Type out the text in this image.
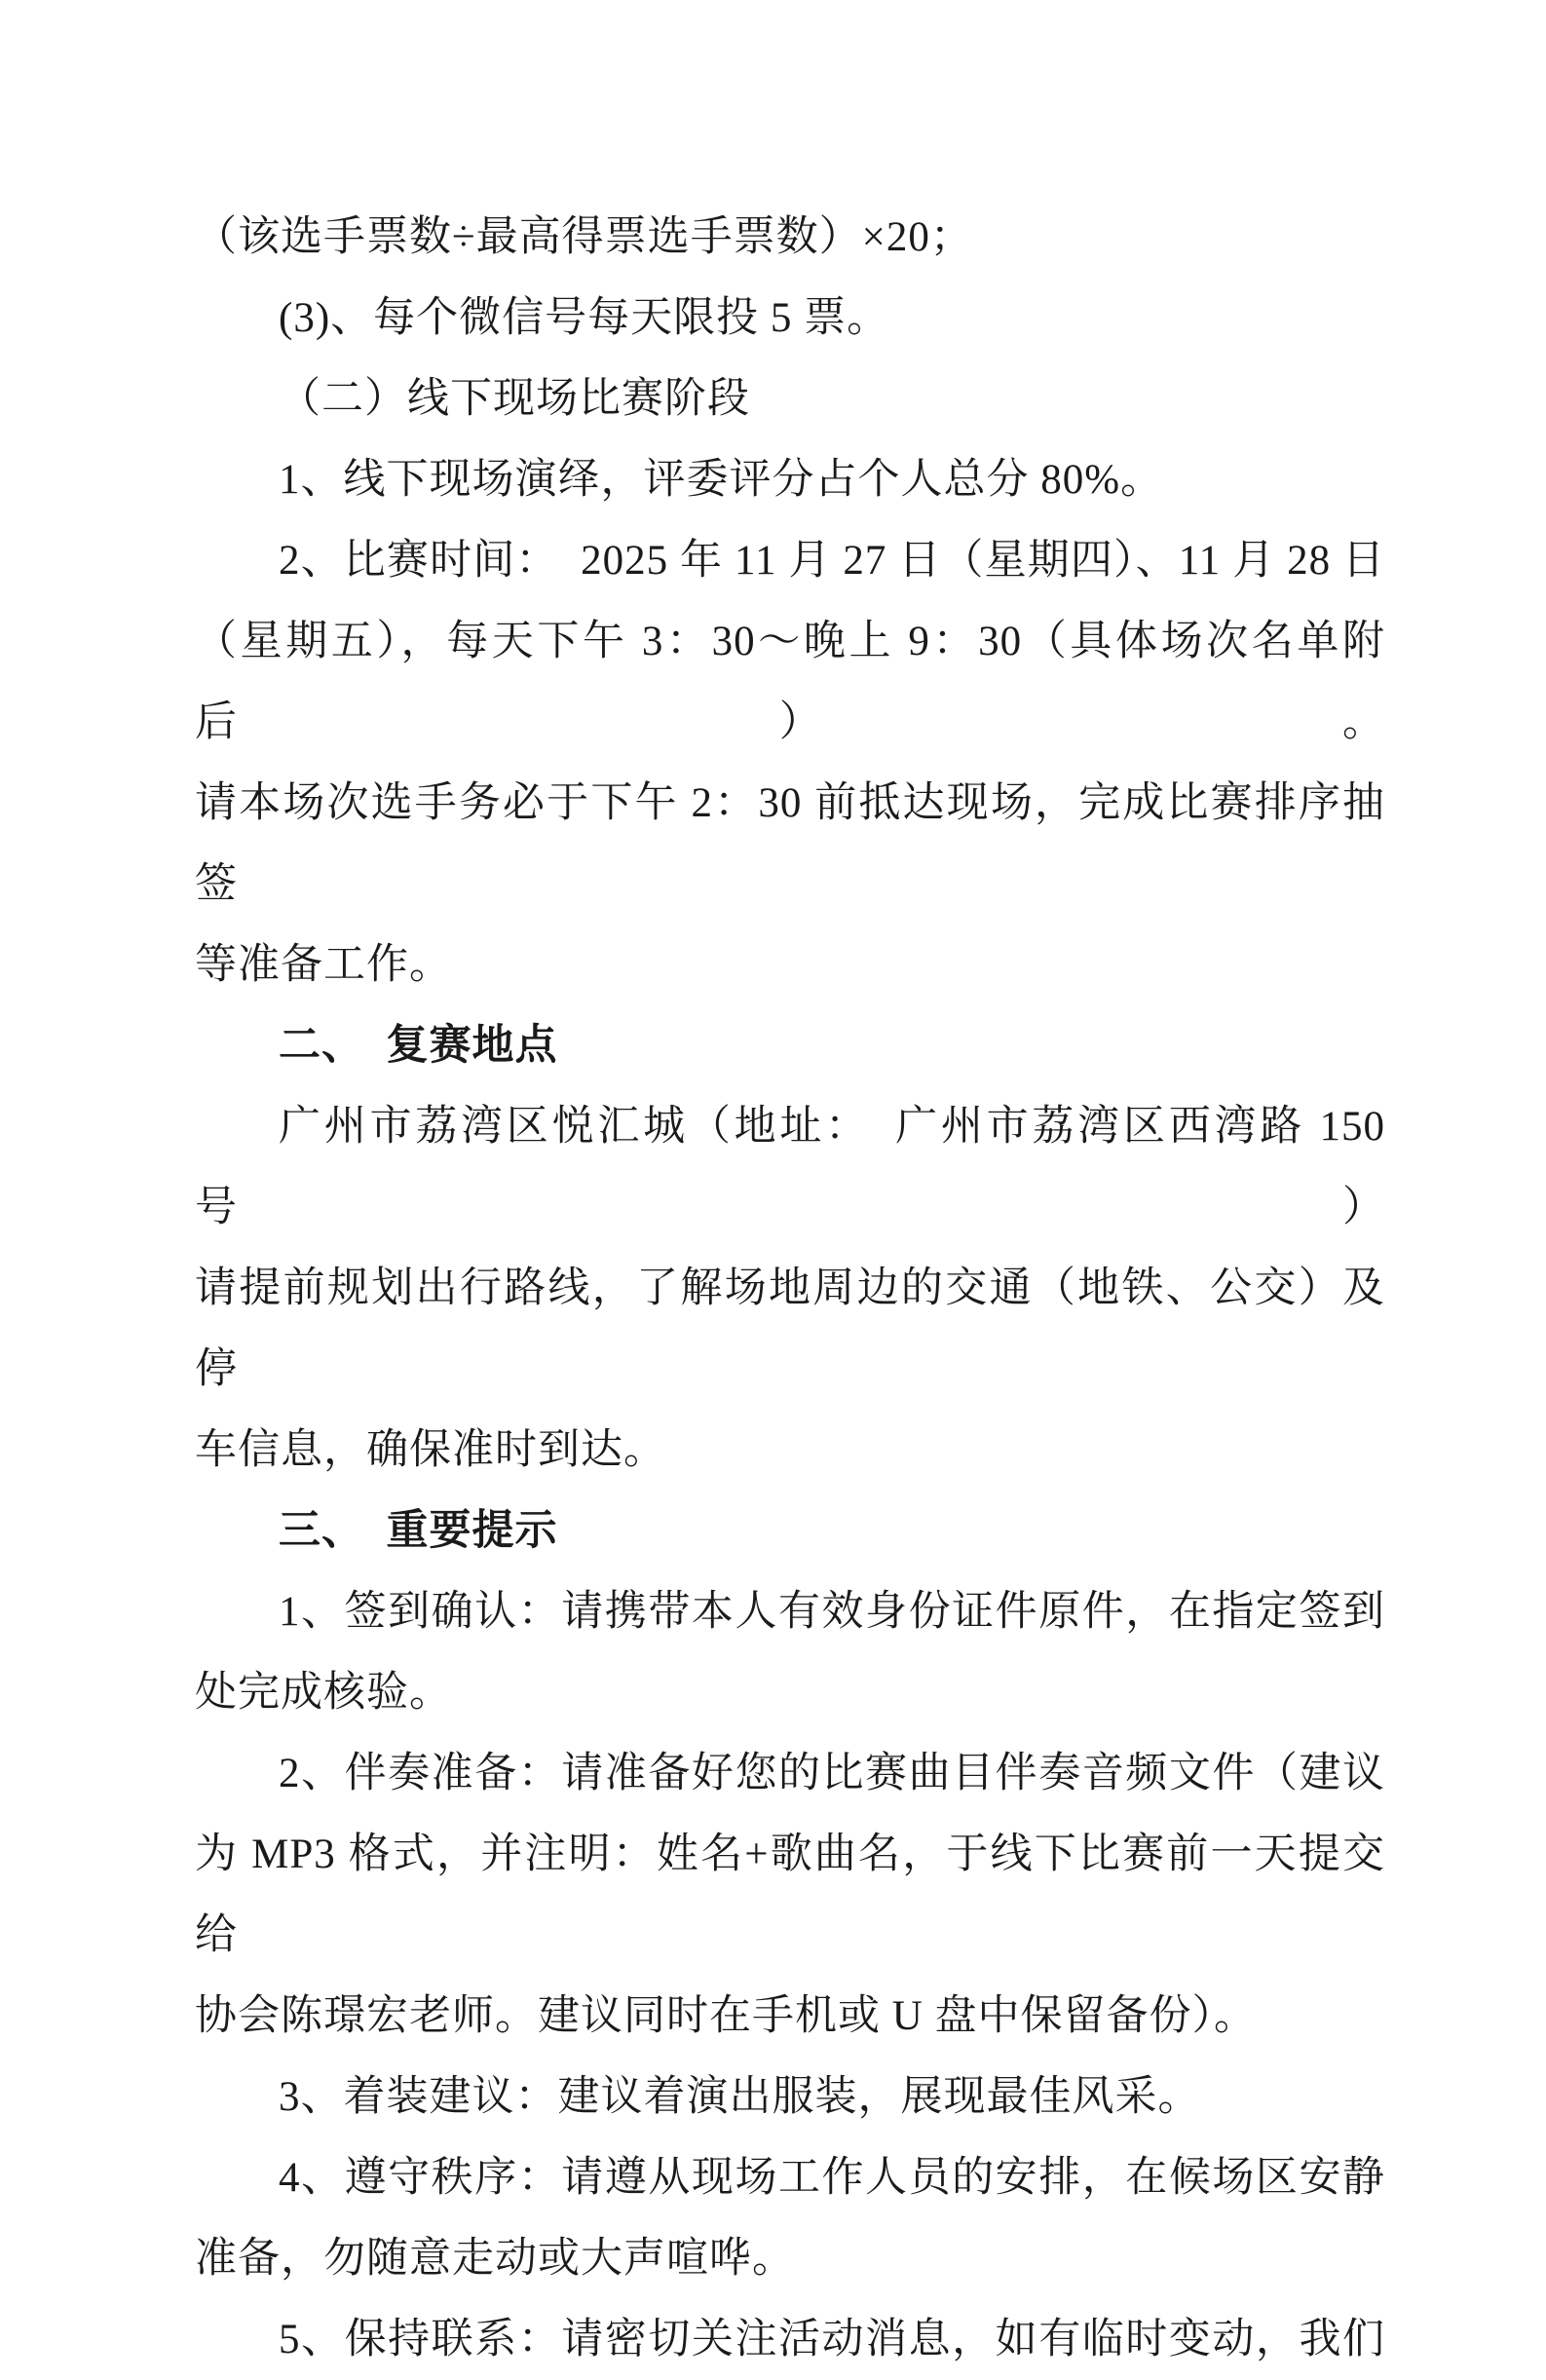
（该选手票数÷最高得票选手票数）×20；
(3)、每个微信号每天限投 5 票。
（二）线下现场比赛阶段
1、线下现场演绎，评委评分占个人总分 80%。
2、比赛时间：　2025 年 11 月 27 日（星期四）、11 月 28 日
（星期五），每天下午 3：30～晚上 9：30（具体场次名单附后）。
请本场次选手务必于下午 2：30 前抵达现场，完成比赛排序抽签
等准备工作。
二、　复赛地点
广州市荔湾区悦汇城（地址：　广州市荔湾区西湾路 150 号）
请提前规划出行路线，了解场地周边的交通（地铁、公交）及停
车信息，确保准时到达。
三、　重要提示
1、签到确认：请携带本人有效身份证件原件，在指定签到
处完成核验。
2、伴奏准备：请准备好您的比赛曲目伴奏音频文件（建议
为 MP3 格式，并注明：姓名+歌曲名，于线下比赛前一天提交给
协会陈璟宏老师。建议同时在手机或 U 盘中保留备份）。
3、着装建议：建议着演出服装，展现最佳风采。
4、遵守秩序：请遵从现场工作人员的安排，在候场区安静
准备，勿随意走动或大声喧哗。
5、保持联系：请密切关注活动消息，如有临时变动，我们
